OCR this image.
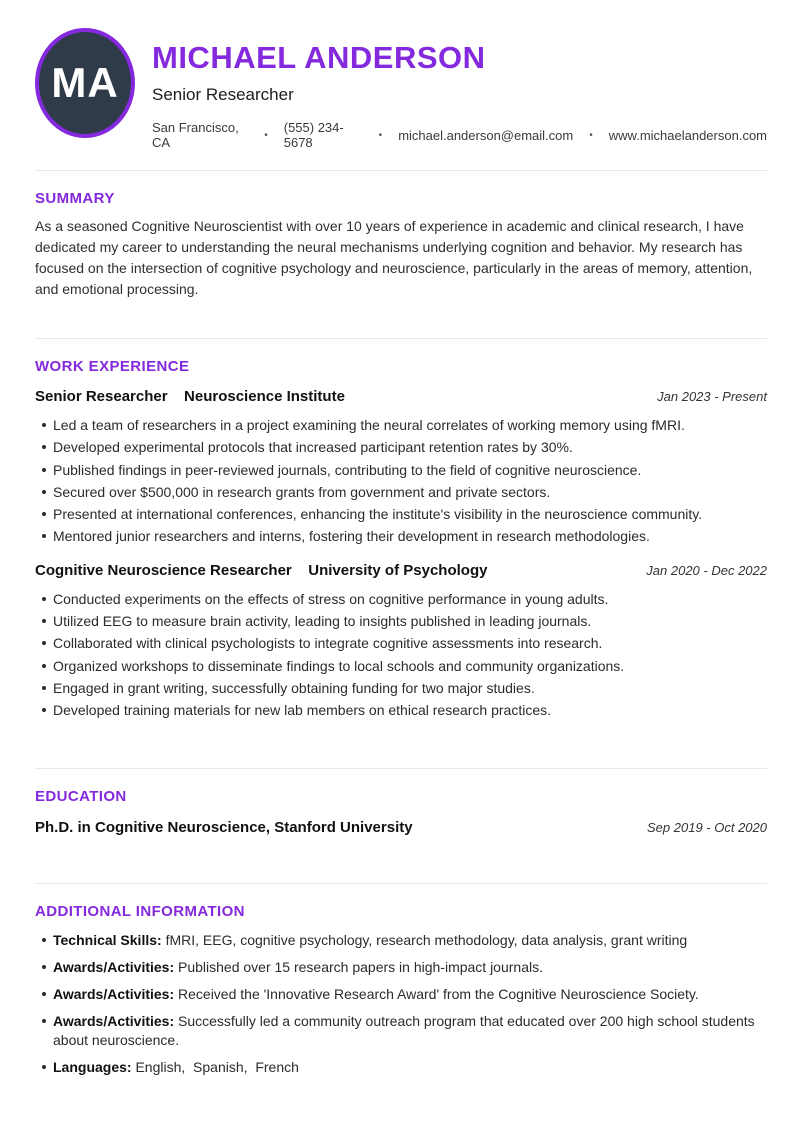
MA
MICHAEL ANDERSON
Senior Researcher
San Francisco, CA	• (555) 234-5678	• michael.anderson@email.com • www.michaelanderson.com
SUMMARY

As a seasoned Cognitive Neuroscientist with over 10 years of experience in academic and clinical research, I have dedicated my career to understanding the neural mechanisms underlying cognition and behavior. My research has focused on the intersection of cognitive psychology and neuroscience, particularly in the areas of memory, attention, and emotional processing.

WORK EXPERIENCE
Senior Researcher Neuroscience Institute	Jan 2023 - Present
Led a team of researchers in a project examining the neural correlates of working memory using fMRI.
Developed experimental protocols that increased participant retention rates by 30%.
Published findings in peer-reviewed journals, contributing to the field of cognitive neuroscience.
Secured over $500,000 in research grants from government and private sectors.
Presented at international conferences, enhancing the institute's visibility in the neuroscience community.
Mentored junior researchers and interns, fostering their development in research methodologies.
Cognitive Neuroscience Researcher University of Psychology	Jan 2020 - Dec 2022
Conducted experiments on the effects of stress on cognitive performance in young adults.
Utilized EEG to measure brain activity, leading to insights published in leading journals.
Collaborated with clinical psychologists to integrate cognitive assessments into research.
Organized workshops to disseminate findings to local schools and community organizations.
Engaged in grant writing, successfully obtaining funding for two major studies.
Developed training materials for new lab members on ethical research practices.
EDUCATION
Ph.D. in Cognitive Neuroscience, Stanford University	Sep 2019 - Oct 2020
ADDITIONAL INFORMATION
Technical Skills: fMRI, EEG, cognitive psychology, research methodology, data analysis, grant writing
Awards/Activities: Published over 15 research papers in high-impact journals.
Awards/Activities: Received the 'Innovative Research Award' from the Cognitive Neuroscience Society.
Awards/Activities: Successfully led a community outreach program that educated over 200 high school students about neuroscience.
Languages: English,  Spanish,  French
